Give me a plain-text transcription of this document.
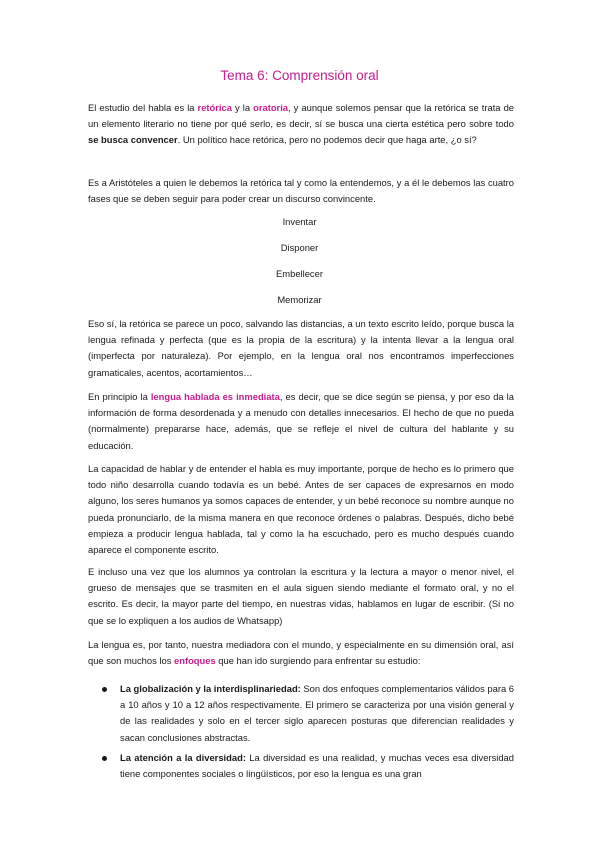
Tema 6: Comprensión oral

El estudio del habla es la retórica y la oratoria, y aunque solemos pensar que la retórica se trata de un elemento literario no tiene por qué serlo, es decir, sí se busca una cierta estética pero sobre todo se busca convencer. Un político hace retórica, pero no podemos decir que haga arte, ¿o sí?

Es a Aristóteles a quien le debemos la retórica tal y como la entendemos, y a él le debemos las cuatro fases que se deben seguir para poder crear un discurso convincente.

Inventar
Disponer
Embellecer
Memorizar

Eso sí, la retórica se parece un poco, salvando las distancias, a un texto escrito leído, porque busca la lengua refinada y perfecta (que es la propia de la escritura) y la intenta llevar a la lengua oral (imperfecta por naturaleza). Por ejemplo, en la lengua oral nos encontramos imperfecciones gramaticales, acentos, acortamientos…

En principio la lengua hablada es inmediata, es decir, que se dice según se piensa, y por eso da la información de forma desordenada y a menudo con detalles innecesarios. El hecho de que no pueda (normalmente) prepararse hace, además, que se refleje el nivel de cultura del hablante y su educación.

La capacidad de hablar y de entender el habla es muy importante, porque de hecho es lo primero que todo niño desarrolla cuando todavía es un bebé. Antes de ser capaces de expresarnos en modo alguno, los seres humanos ya somos capaces de entender, y un bebé reconoce su nombre aunque no pueda pronunciarlo, de la misma manera en que reconoce órdenes o palabras. Después, dicho bebé empieza a producir lengua hablada, tal y como la ha escuchado, pero es mucho después cuando aparece el componente escrito.

E incluso una vez que los alumnos ya controlan la escritura y la lectura a mayor o menor nivel, el grueso de mensajes que se trasmiten en el aula siguen siendo mediante el formato oral, y no el escrito. Es decir, la mayor parte del tiempo, en nuestras vidas, hablamos en lugar de escribir. (Si no que se lo expliquen a los audios de Whatsapp)

La lengua es, por tanto, nuestra mediadora con el mundo, y especialmente en su dimensión oral, así que son muchos los enfoques que han ido surgiendo para enfrentar su estudio:

La globalización y la interdisplinariedad: Son dos enfoques complementarios válidos para 6 a 10 años y 10 a 12 años respectivamente. El primero se caracteriza por una visión general y de las realidades y solo en el tercer siglo aparecen posturas que diferencian realidades y sacan conclusiones abstractas.
La atención a la diversidad: La diversidad es una realidad, y muchas veces esa diversidad tiene componentes sociales o lingüísticos, por eso la lengua es una gran
